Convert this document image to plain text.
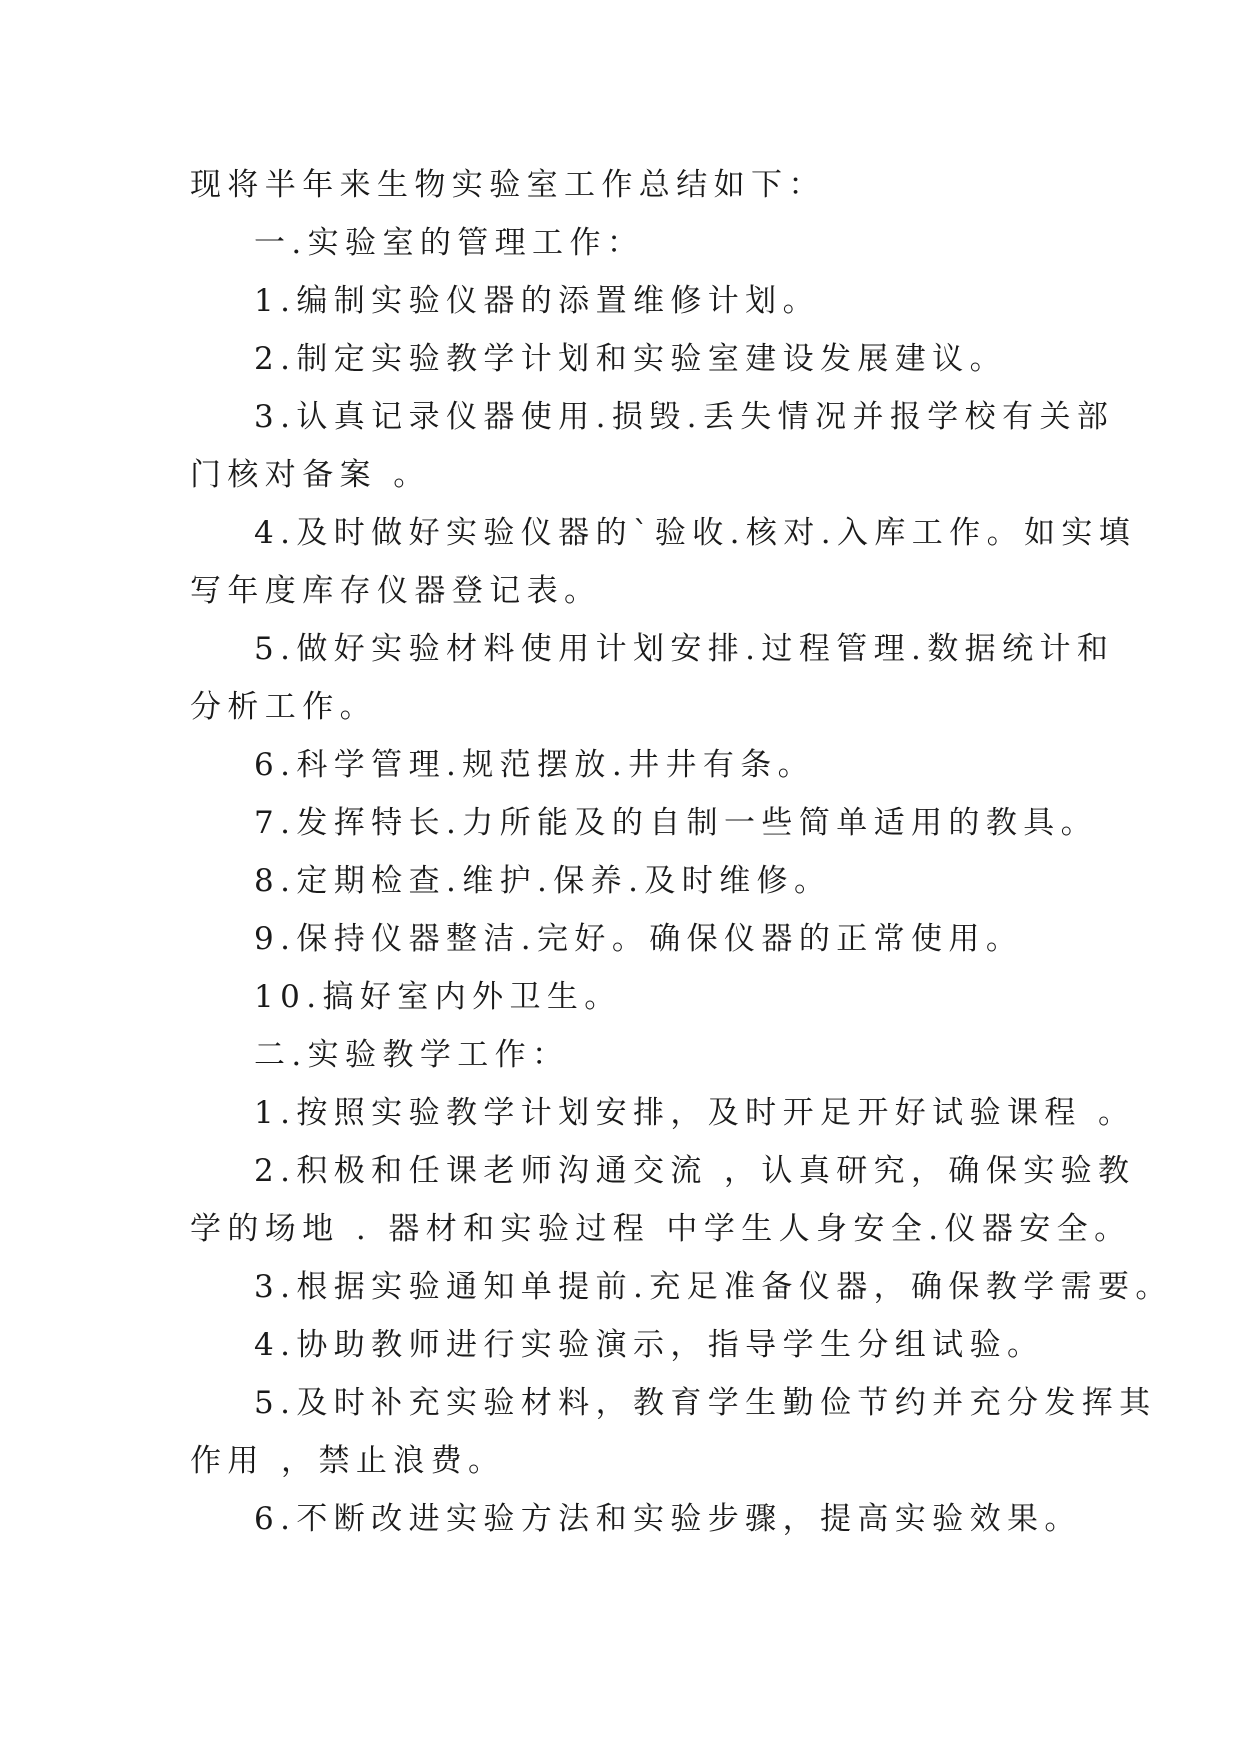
现将半年来生物实验室工作总结如下：
一.实验室的管理工作：
1.编制实验仪器的添置维修计划。
2.制定实验教学计划和实验室建设发展建议。
3.认真记录仪器使用.损毁.丢失情况并报学校有关部
门核对备案 。
4.及时做好实验仪器的`验收.核对.入库工作。如实填
写年度库存仪器登记表。
5.做好实验材料使用计划安排.过程管理.数据统计和
分析工作。
6.科学管理.规范摆放.井井有条。
7.发挥特长.力所能及的自制一些简单适用的教具。
8.定期检查.维护.保养.及时维修。
9.保持仪器整洁.完好。确保仪器的正常使用。
10.搞好室内外卫生。
二.实验教学工作：
1.按照实验教学计划安排，及时开足开好试验课程 。
2.积极和任课老师沟通交流 ，认真研究，确保实验教
学的场地 . 器材和实验过程 中学生人身安全.仪器安全。
3.根据实验通知单提前.充足准备仪器，确保教学需要。
4.协助教师进行实验演示，指导学生分组试验。
5.及时补充实验材料，教育学生勤俭节约并充分发挥其
作用 ，禁止浪费。
6.不断改进实验方法和实验步骤，提高实验效果。
